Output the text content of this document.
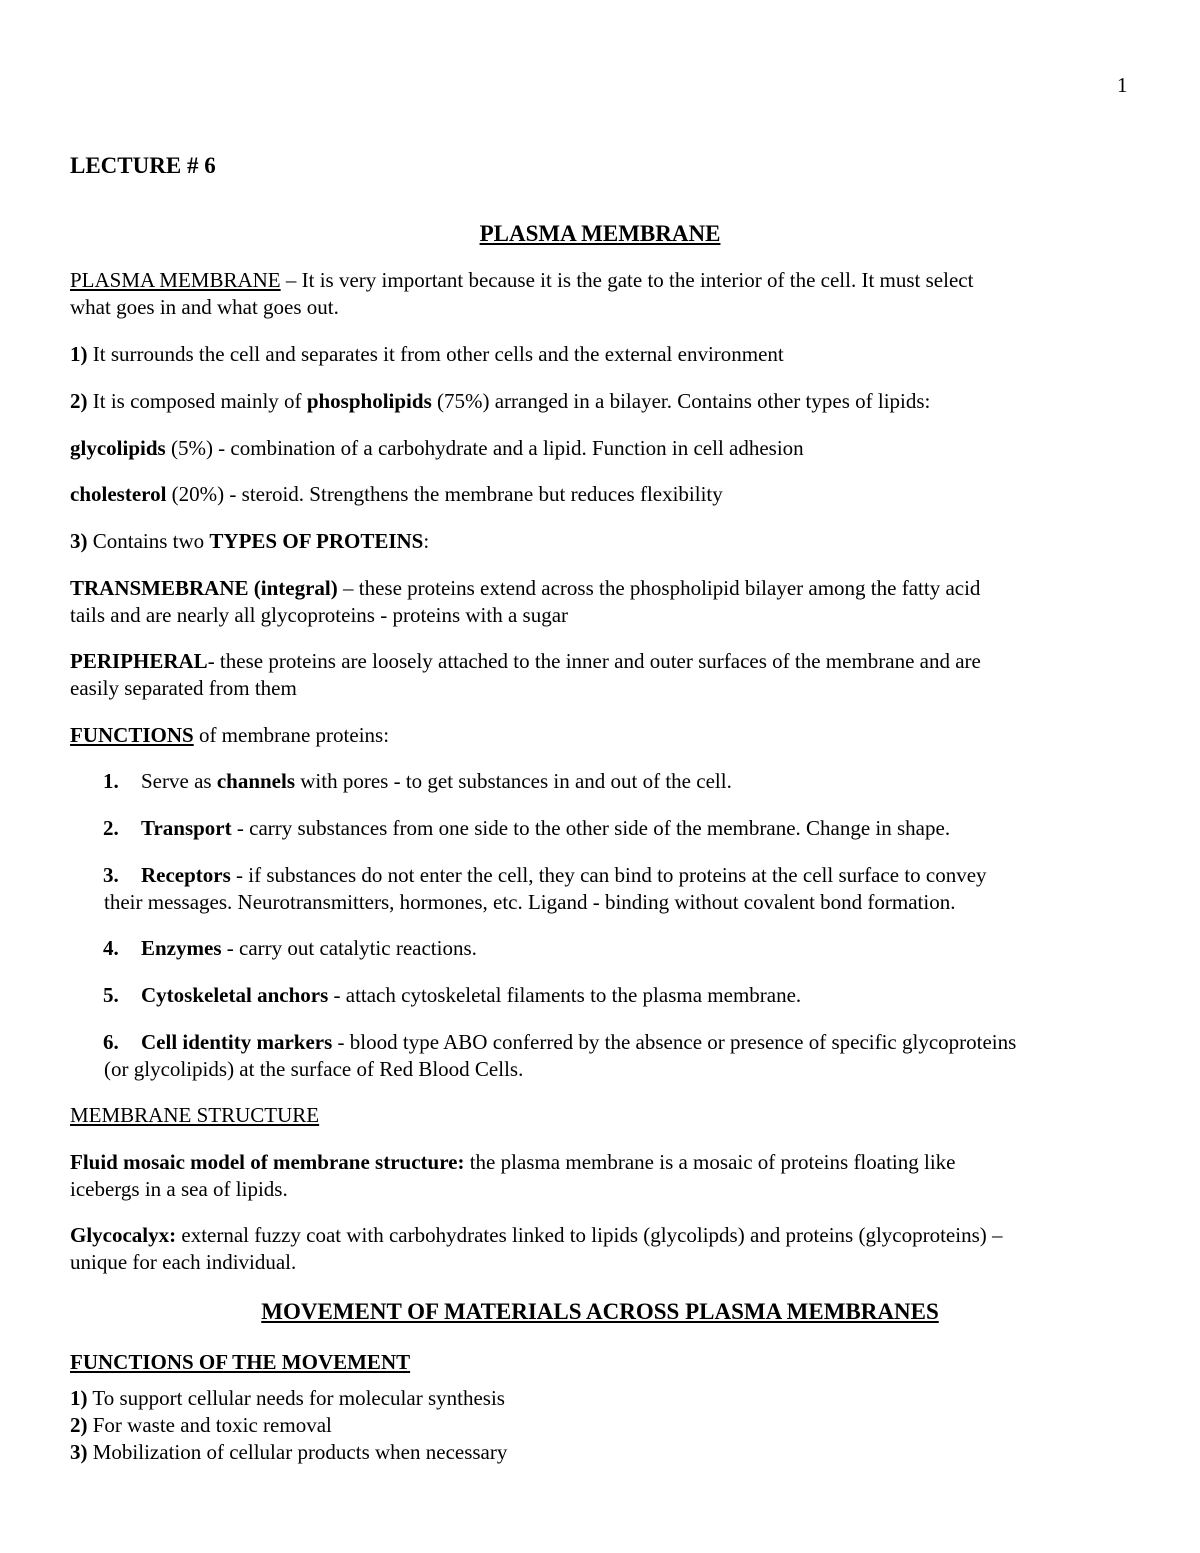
1
LECTURE # 6
PLASMA MEMBRANE
PLASMA MEMBRANE – It is very important because it is the gate to the interior of the cell. It must select
what goes in and what goes out.
1) It surrounds the cell and separates it from other cells and the external environment
2) It is composed mainly of phospholipids (75%) arranged in a bilayer. Contains other types of lipids:
glycolipids (5%) - combination of a carbohydrate and a lipid. Function in cell adhesion
cholesterol (20%) - steroid. Strengthens the membrane but reduces flexibility
3) Contains two TYPES OF PROTEINS:
TRANSMEBRANE (integral) – these proteins extend across the phospholipid bilayer among the fatty acid
tails and are nearly all glycoproteins - proteins with a sugar
PERIPHERAL- these proteins are loosely attached to the inner and outer surfaces of the membrane and are
easily separated from them
FUNCTIONS of membrane proteins:
1. Serve as channels with pores - to get substances in and out of the cell.
2. Transport - carry substances from one side to the other side of the membrane. Change in shape.
3. Receptors - if substances do not enter the cell, they can bind to proteins at the cell surface to convey
their messages. Neurotransmitters, hormones, etc. Ligand - binding without covalent bond formation.
4. Enzymes - carry out catalytic reactions.
5. Cytoskeletal anchors - attach cytoskeletal filaments to the plasma membrane.
6. Cell identity markers - blood type ABO conferred by the absence or presence of specific glycoproteins
(or glycolipids) at the surface of Red Blood Cells.
MEMBRANE STRUCTURE
Fluid mosaic model of membrane structure: the plasma membrane is a mosaic of proteins floating like
icebergs in a sea of lipids.
Glycocalyx: external fuzzy coat with carbohydrates linked to lipids (glycolipds) and proteins (glycoproteins) –
unique for each individual.
MOVEMENT OF MATERIALS ACROSS PLASMA MEMBRANES
FUNCTIONS OF THE MOVEMENT
1) To support cellular needs for molecular synthesis
2) For waste and toxic removal
3) Mobilization of cellular products when necessary
